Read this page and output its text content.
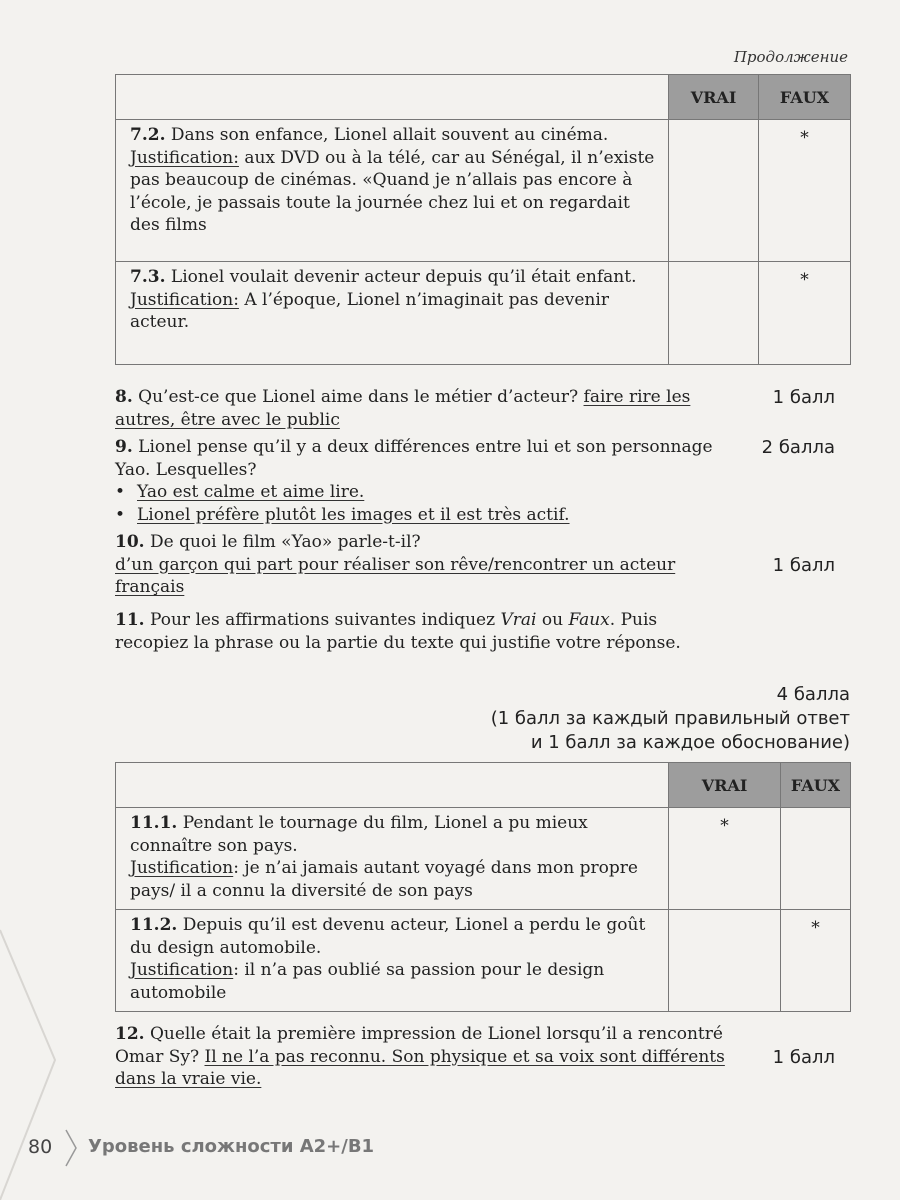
Продолжение
	VRAI	FAUX
7.2. Dans son enfance, Lionel allait souvent au cinéma.
Justification: aux DVD ou à la télé, car au Sénégal, il n’existe pas beaucoup de cinémas. «Quand je n’allais pas encore à l’école, je passais toute la journée chez lui et on regardait des films		*
7.3. Lionel voulait devenir acteur depuis qu’il était enfant.
Justification: A l’époque, Lionel n’imaginait pas devenir acteur.		*
8. Qu’est-ce que Lionel aime dans le métier d’acteur? faire rire les autres, être avec le public
1 балл
9. Lionel pense qu’il y a deux différences entre lui et son personnage Yao. Lesquelles?
• Yao est calme et aime lire.
• Lionel préfère plutôt les images et il est très actif.
2 балла
10. De quoi le film «Yao» parle-t-il?
d’un garçon qui part pour réaliser son rêve/rencontrer un acteur français
1 балл
11. Pour les affirmations suivantes indiquez Vrai ou Faux. Puis recopiez la phrase ou la partie du texte qui justifie votre réponse.
4 балла
(1 балл за каждый правильный ответ
и 1 балл за каждое обоснование)
	VRAI	FAUX
11.1. Pendant le tournage du film, Lionel a pu mieux connaître son pays.
Justification: je n’ai jamais autant voyagé dans mon propre pays/ il a connu la diversité de son pays	*	
11.2. Depuis qu’il est devenu acteur, Lionel a perdu le goût du design automobile.
Justification: il n’a pas oublié sa passion pour le design automobile		*
12. Quelle était la première impression de Lionel lorsqu’il a rencontré Omar Sy? Il ne l’a pas reconnu. Son physique et sa voix sont différents dans la vraie vie.
1 балл
80 Уровень сложности А2+/В1
